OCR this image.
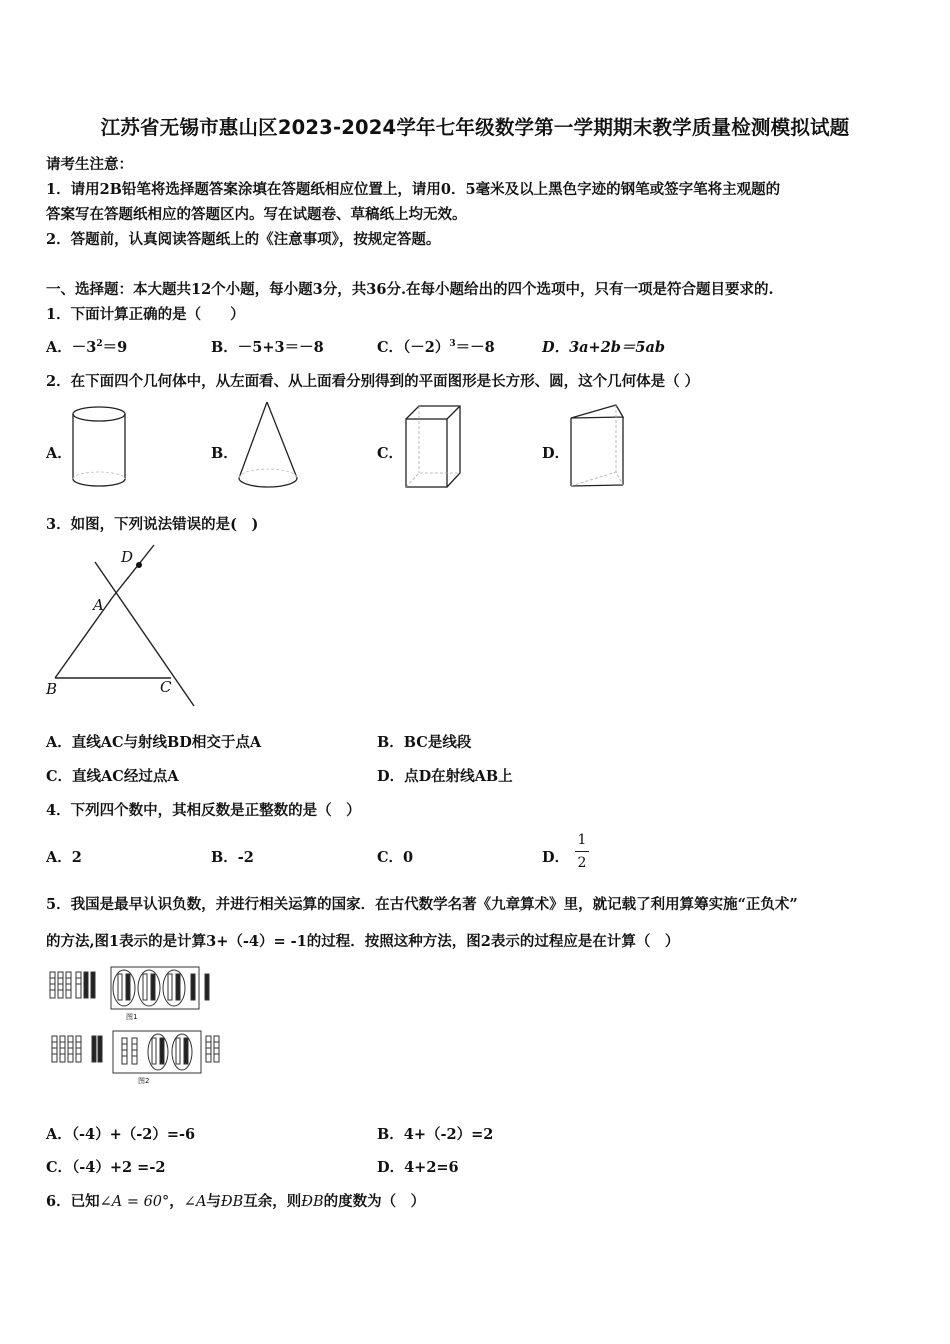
江苏省无锡市惠山区2023-2024学年七年级数学第一学期期末教学质量检测模拟试题
请考生注意：
1．请用2B铅笔将选择题答案涂填在答题纸相应位置上，请用0．5毫米及以上黑色字迹的钢笔或签字笔将主观题的
答案写在答题纸相应的答题区内。写在试题卷、草稿纸上均无效。
2．答题前，认真阅读答题纸上的《注意事项》，按规定答题。
一、选择题：本大题共12个小题，每小题3分，共36分.在每小题给出的四个选项中，只有一项是符合题目要求的.
1．下面计算正确的是（　　）
A．$-3^2=9$	B．－5+3＝－8	C．$(-2)^3=-8$	D．3a+2b＝5ab
2．在下面四个几何体中，从左面看、从上面看分别得到的平面图形是长方形、圆，这个几何体是（ ）
A．	B．	C．	D．
3．如图，下列说法错误的是(　)
D
A
B	C
A．直线AC与射线BD相交于点A	B．BC是线段
C．直线AC经过点A	D．点D在射线AB上
4．下列四个数中，其相反数是正整数的是（　）
A．2	B．-2	C．0	D．
1
2
5．我国是最早认识负数，并进行相关运算的国家．在古代数学名著《九章算术》里，就记载了利用算筹实施“正负术”
的方法,图1表示的是计算3+（-4）= -1的过程．按照这种方法，图2表示的过程应是在计算（　）
图1
图2
A．（-4）+（-2）=-6	B．4+（-2）=2
C．（-4）+2 =-2	D．4+2=6
6．已知∠A = 60°，∠A与ÐB互余，则ÐB的度数为（　）
